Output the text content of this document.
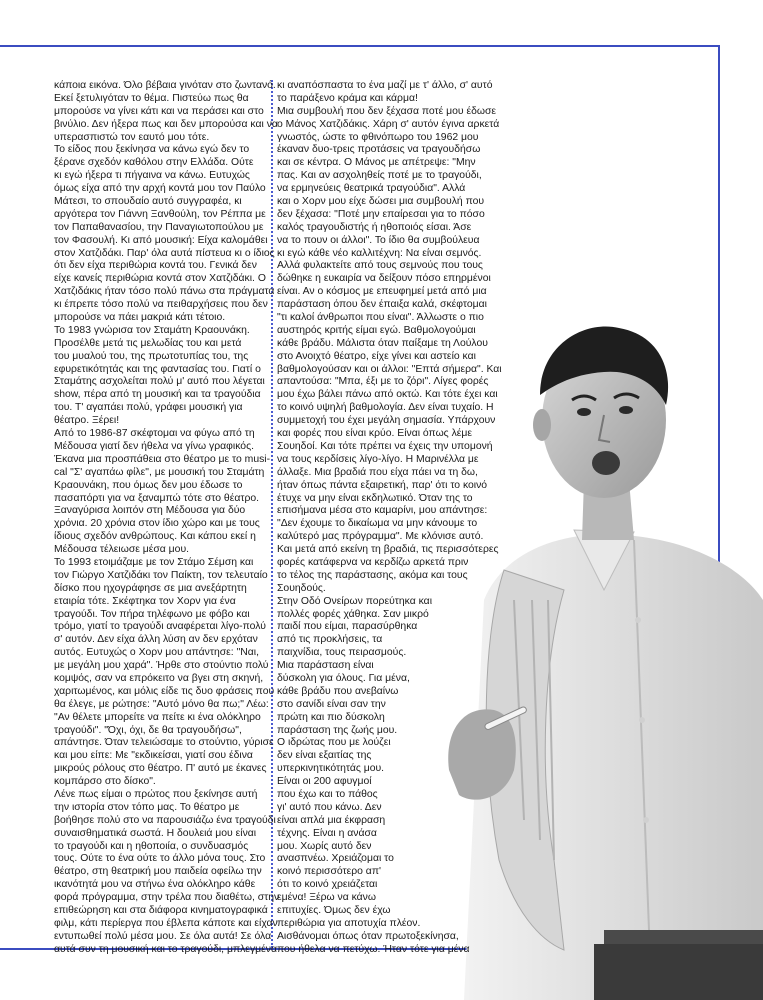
κάποια εικόνα. Όλο βέβαια γινόταν στο ζωντανό.
Εκεί ξετυλιγόταν το θέμα. Πιστεύω πως θα
μπορούσε να γίνει κάτι και να περάσει και στο
βινύλιο. Δεν ήξερα πως και δεν μπορούσα και να
υπερασπιστώ τον εαυτό μου τότε.
Το είδος που ξεκίνησα να κάνω εγώ δεν το
ξέρανε σχεδόν καθόλου στην Ελλάδα. Ούτε
κι εγώ ήξερα τι πήγαινα να κάνω. Ευτυχώς
όμως είχα από την αρχή κοντά μου τον Παύλο
Μάτεσι, το σπουδαίο αυτό συγγραφέα, κι
αργότερα τον Γιάννη Ξανθούλη, τον Ρέππα με
τον Παπαθανασίου, την Παναγιωτοπούλου με
τον Φασουλή. Κι από μουσική: Είχα καλομάθει
στον Χατζιδάκι. Παρ' όλα αυτά πίστευα κι ο ίδιος
ότι δεν είχα περιθώρια κοντά του. Γενικά δεν
είχε κανείς περιθώρια κοντά στον Χατζιδάκι. Ο
Χατζιδάκις ήταν τόσο πολύ πάνω στα πράγματα
κι έπρεπε τόσο πολύ να πειθαρχήσεις που δεν
μπορούσε να πάει μακριά κάτι τέτοιο.
Το 1983 γνώρισα τον Σταμάτη Κραουνάκη.
Προσέλθε μετά τις μελωδίας του και μετά
του μυαλού του, της πρωτοτυπίας του, της
εφυρετικότητάς και της φαντασίας του. Γιατί ο
Σταμάτης ασχολείται πολύ μ' αυτό που λέγεται
show, πέρα από τη μουσική και τα τραγούδια
του. Τ' αγαπάει πολύ, γράφει μουσική για
θέατρο. Ξέρει!
Από το 1986-87 σκέφτομαι να φύγω από τη
Μέδουσα γιατί δεν ήθελα να γίνω γραφικός.
Έκανα μια προσπάθεια στο θέατρο με το musi-
cal "Σ' αγαπάω φίλε", με μουσική του Σταμάτη
Κραουνάκη, που όμως δεν μου έδωσε το
πασαπόρτι για να ξαναμπώ τότε στο θέατρο.
Ξαναγύρισα λοιπόν στη Μέδουσα για δύο
χρόνια. 20 χρόνια στον ίδιο χώρο και με τους
ίδιους σχεδόν ανθρώπους. Και κάπου εκεί η
Μέδουσα τέλειωσε μέσα μου.
Το 1993 ετοιμάζαμε με τον Στάμο Σέμση και
τον Γιώργο Χατζιδάκι τον Παίκτη, τον τελευταίο
δίσκο που ηχογράφησε σε μια ανεξάρτητη
εταιρία τότε. Σκέφτηκα τον Χορν για ένα
τραγούδι. Τον πήρα τηλέφωνο με φόβο και
τρόμο, γιατί το τραγούδι αναφέρεται λίγο-πολύ
σ' αυτόν. Δεν είχα άλλη λύση αν δεν ερχόταν
αυτός. Ευτυχώς ο Χορν μου απάντησε: "Ναι,
με μεγάλη μου χαρά". Ήρθε στο στούντιο πολύ
κομψός, σαν να επρόκειτο να βγει στη σκηνή,
χαριτωμένος, και μόλις είδε τις δυο φράσεις που
θα έλεγε, με ρώτησε: "Αυτό μόνο θα πω;" Λέω:
"Αν θέλετε μπορείτε να πείτε κι ένα ολόκληρο
τραγούδι". "Όχι, όχι, δε θα τραγουδήσω",
απάντησε. Όταν τελειώσαμε το στούντιο, γύρισε
και μου είπε: Με "εκδικείσαι, γιατί σου έδινα
μικρούς ρόλους στο θέατρο. Π' αυτό με έκανες
κομπάρσο στο δίσκο".
Λένε πως είμαι ο πρώτος που ξεκίνησε αυτή
την ιστορία στον τόπο μας. Το θέατρο με
βοήθησε πολύ στο να παρουσιάζω ένα τραγούδι
συναισθηματικά σωστά. Η δουλειά μου είναι
το τραγούδι και η ηθοποιία, ο συνδυασμός
τους. Ούτε το ένα ούτε το άλλο μόνα τους. Στο
θέατρο, στη θεατρική μου παιδεία οφείλω την
ικανότητά μου να στήνω ένα ολόκληρο κάθε
φορά πρόγραμμα, στην τρέλα που διαθέτω, στην
επιθεώρηση και στα διάφορα κινηματογραφικά
φιλμ, κάτι περίεργα που έβλεπα κάποτε και είχαν
εντυπωθεί πολύ μέσα μου. Σε όλα αυτά! Σε όλα
αυτά συν τη μουσική και το τραγούδι, μπλεγμένα
κι αναπόσπαστα το ένα μαζί με τ' άλλο, σ' αυτό
το παράξενο κράμα και κάρμα!
Μια συμβουλή που δεν ξέχασα ποτέ μου έδωσε
ο Μάνος Χατζιδάκις. Χάρη σ' αυτόν έγινα αρκετά
γνωστός, ώστε το φθινόπωρο του 1962 μου
έκαναν δυο-τρεις προτάσεις να τραγουδήσω
και σε κέντρα. Ο Μάνος με απέτρεψε: "Μην
πας. Και αν ασχοληθείς ποτέ με το τραγούδι,
να ερμηνεύεις θεατρικά τραγούδια". Αλλά
και ο Χορν μου είχε δώσει μια συμβουλή που
δεν ξέχασα: "Ποτέ μην επαίρεσαι για το πόσο
καλός τραγουδιστής ή ηθοποιός είσαι. Άσε
να το πουν οι άλλοι". Το ίδιο θα συμβούλευα
κι εγώ κάθε νέο καλλιτέχνη: Να είναι σεμνός.
Αλλά φυλακτείτε από τους σεμνούς που τους
δώθηκε η ευκαιρία να δείξουν πόσο επηρμένοι
είναι. Αν ο κόσμος με επευφημεί μετά από μια
παράσταση όπου δεν έπαιξα καλά, σκέφτομαι
"τι καλοί άνθρωποι που είναι". Άλλωστε ο πιο
αυστηρός κριτής είμαι εγώ. Βαθμολογούμαι
κάθε βράδυ. Μάλιστα όταν παίξαμε τη Λούλου
στο Ανοιχτό θέατρο, είχε γίνει και αστείο και
βαθμολογούσαν και οι άλλοι: "Επτά σήμερα". Και
απαντούσα: "Μπα, έξι με το ζόρι". Λίγες φορές
μου έχω βάλει πάνω από οκτώ. Και τότε έχει και
το κοινό υψηλή βαθμολογία. Δεν είναι τυχαίο. Η
συμμετοχή του έχει μεγάλη σημασία. Υπάρχουν
και φορές που είναι κρύο. Είναι όπως λέμε
Σουηδοί. Και τότε πρέπει να έχεις την υπομονή
να τους κερδίσεις λίγο-λίγο. Η Μαρινέλλα με
άλλαξε. Μια βραδιά που είχα πάει να τη δω,
ήταν όπως πάντα εξαιρετική, παρ' ότι το κοινό
έτυχε να μην είναι εκδηλωτικό. Όταν της το
επισήμανα μέσα στο καμαρίνι, μου απάντησε:
"Δεν έχουμε το δικαίωμα να μην κάνουμε το
καλύτερό μας πρόγραμμα". Με κλόνισε αυτό.
Και μετά από εκείνη τη βραδιά, τις περισσότερες
φορές κατάφερνα να κερδίζω αρκετά πριν
το τέλος της παράστασης, ακόμα και τους
Σουηδούς.
Στην Οδό Ονείρων πορεύτηκα και
πολλές φορές χάθηκα. Σαν μικρό
παιδί που είμαι, παρασύρθηκα
από τις προκλήσεις, τα
παιχνίδια, τους πειρασμούς.
Μια παράσταση είναι
δύσκολη για όλους. Για μένα,
κάθε βράδυ που ανεβαίνω
στο σανίδι είναι σαν την
πρώτη και πιο δύσκολη
παράσταση της ζωής μου.
Ο ιδρώτας που με λούζει
δεν είναι εξαιτίας της
υπερκινητικότητάς μου.
Είναι οι 200 αφυγμοί
που έχω και το πάθος
γι' αυτό που κάνω. Δεν
είναι απλά μια έκφραση
τέχνης. Είναι η ανάσα
μου. Χωρίς αυτό δεν
ανασπνέω. Χρειάζομαι το
κοινό περισσότερο απ'
ότι το κοινό χρειάζεται
εμένα! Ξέρω να κάνω
επιτυχίες. Όμως δεν έχω
περιθώρια για αποτυχία πλέον.
Αισθάνομαι όπως όταν πρωτοξεκίνησα,
που ήθελα να πετύχω. Ήταν τότε για μένα
